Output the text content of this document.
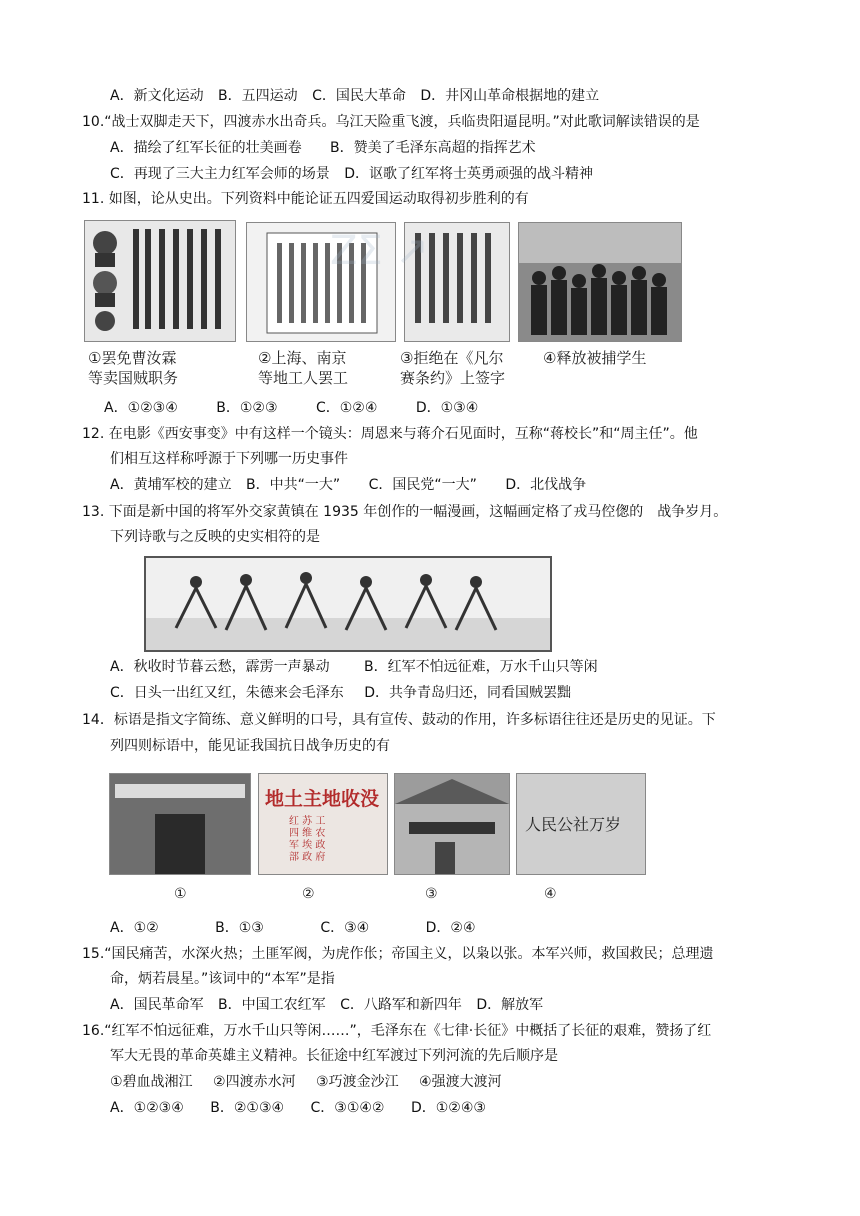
A．新文化运动 B．五四运动 C．国民大革命 D．井冈山革命根据地的建立
10.“战士双脚走天下，四渡赤水出奇兵。乌江天险重飞渡，兵临贵阳逼昆明。”对此歌词解读错误的是
A．描绘了红军长征的壮美画卷 B．赞美了毛泽东高超的指挥艺术
C．再现了三大主力红军会师的场景 D．讴歌了红军将士英勇顽强的战斗精神
11. 如图，论从史出。下列资料中能论证五四爱国运动取得初步胜利的有
ΖΣ ↗
①罢免曹汝霖
等卖国贼职务
②上海、南京
等地工人罢工
③拒绝在《凡尔
赛条约》上签字
④释放被捕学生
A．①②③④	B．①②③	C．①②④	D．①③④
12. 在电影《西安事变》中有这样一个镜头：周恩来与蒋介石见面时，互称“蒋校长”和“周主任”。他
们相互这样称呼源于下列哪一历史事件
A．黄埔军校的建立 B．中共“一大” C．国民党“一大” D．北伐战争
13. 下面是新中国的将军外交家黄镇在 1935 年创作的一幅漫画，这幅画定格了戎马倥偬的　战争岁月。
下列诗歌与之反映的史实相符的是
A．秋收时节暮云愁，霹雳一声暴动 B．红军不怕远征难，万水千山只等闲
C．日头一出红又红，朱德来会毛泽东 D．共争青岛归还，同看国贼罢黜
14．标语是指文字简练、意义鲜明的口号，具有宣传、鼓动的作用，许多标语往往还是历史的见证。下
列四则标语中，能见证我国抗日战争历史的有
地土主地收没
红 苏 工
四 维 农
军 埃 政
部 政 府
人民公社万岁
①	②	③	④
A．①②	B．①③	C．③④	D．②④
15.“国民痛苦，水深火热；土匪军阀，为虎作伥；帝国主义，以枭以张。本军兴师，救国救民；总理遗
命，炳若晨星。”该词中的“本军”是指
A．国民革命军 B．中国工农红军 C．八路军和新四年 D．解放军
16.“红军不怕远征难，万水千山只等闲……”，毛泽东在《七律·长征》中概括了长征的艰难，赞扬了红
军大无畏的革命英雄主义精神。长征途中红军渡过下列河流的先后顺序是
①碧血战湘江 ②四渡赤水河 ③巧渡金沙江 ④强渡大渡河
A．①②③④ B．②①③④ C．③①④② D．①②④③
